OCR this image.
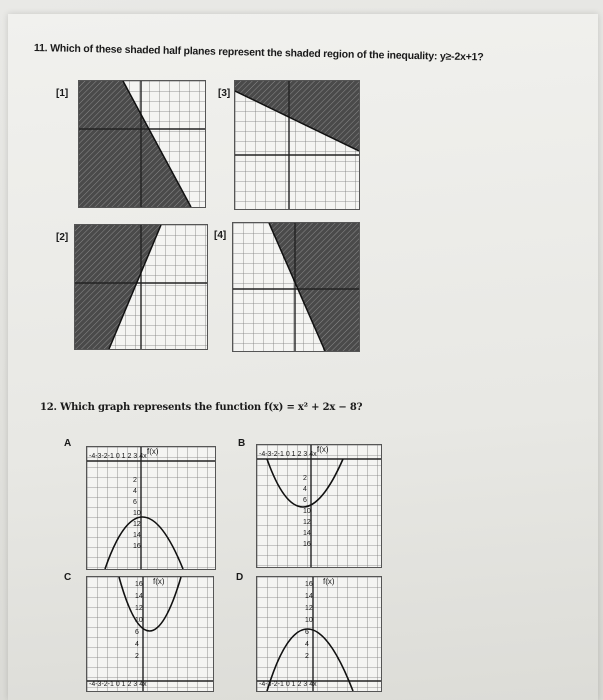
11. Which of these shaded half planes represent the shaded region of the inequality: y≥-2x+1?
[1]	[3]
[2]	[4]
12. Which graph represents the function f(x) = x² + 2x − 8?
A
f(x)
-4-3-2-1 0 1 2 3 4x
2
4
6
10
12
14
16
B
f(x)
-4-3-2-1 0 1 2 3 4x
2
4
6
10
12
14
16
C	f(x)
-4-3-2-1 0 1 2 3 4x
16
14
12
10
6
4
2
D	f(x)
-4-3-2-1 0 1 2 3 4x
16
14
12
10
6
4
2
